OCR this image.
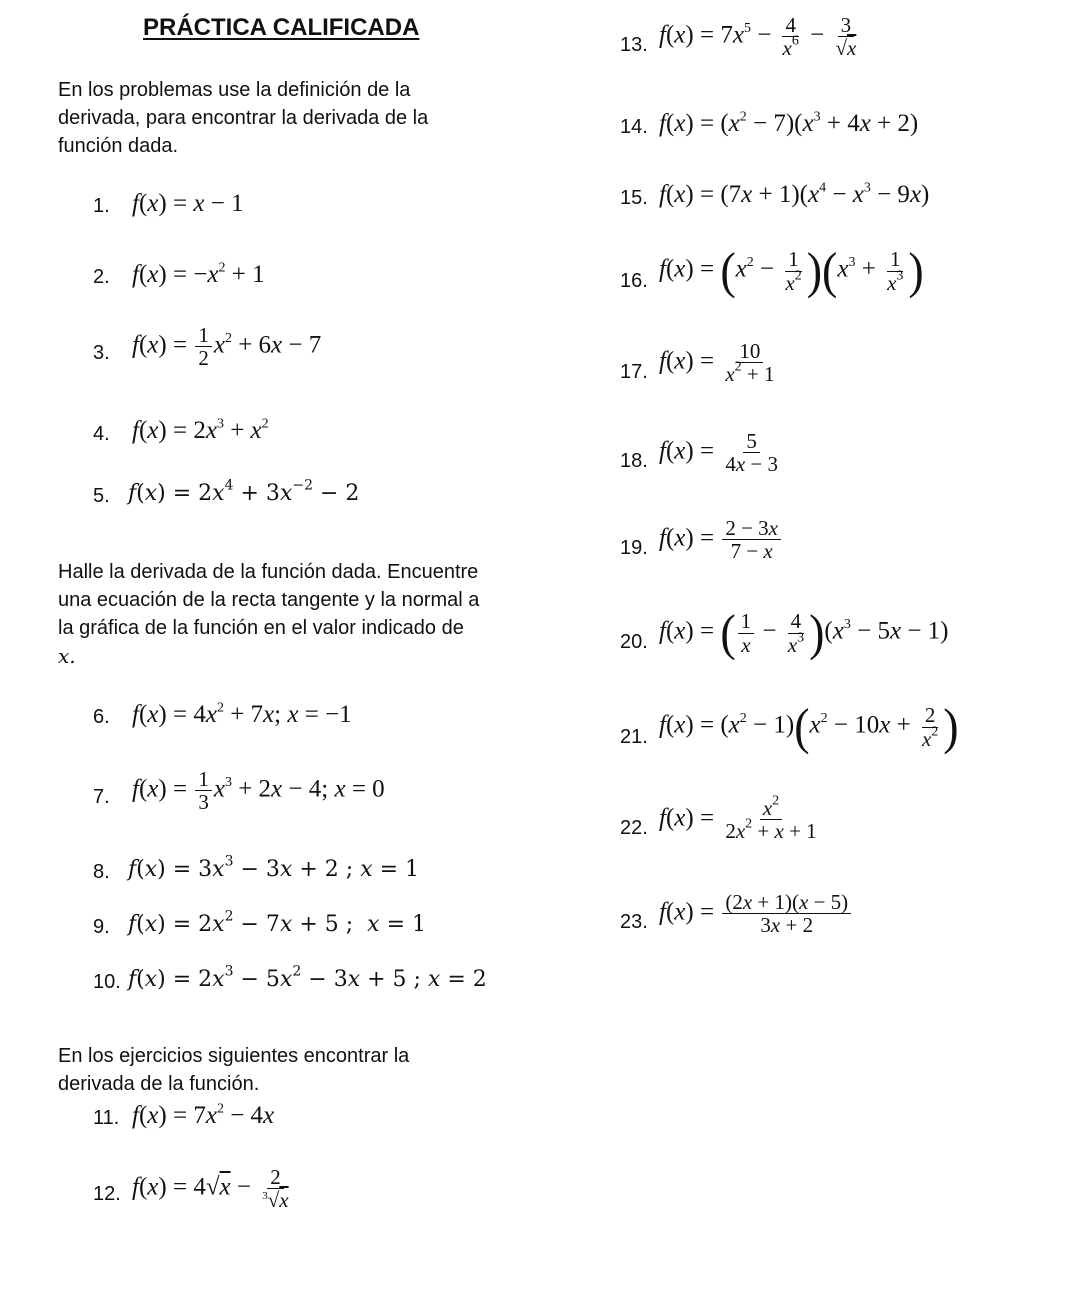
PRÁCTICA CALIFICADA
En los problemas use la definición de la
derivada, para encontrar la derivada de la
función dada.
Halle la derivada de la función dada. Encuentre
una ecuación de la recta tangente y la normal a
la gráfica de la función en el valor indicado de
x.
En los ejercicios siguientes encontrar la
derivada de la función.
1. f(x) = x − 1
2. $f(x) = -x^2 + 1$
3. $f(x) = \frac{1}{2} x^2 + 6x - 7$
4. $f(x) = 2x^3 + x^2$
5. $f(x) = 2x^4 + 3x^{-2} - 2$
6. $f(x) = 4x^2 + 7x$; x = −1
7. $f(x) = \frac{1}{3} x^3 + 2x - 4$; x = 0
8. $f(x) = 3x^3 - 3x + 2$ ; x = 1
9. $f(x) = 2x^2 - 7x + 5$ ;  x = 1
10. $f(x) = 2x^3 - 5x^2 - 3x + 5$ ; x = 2
11. $f(x) = 7x^2 - 4x$
12. $f(x) = 4√x - \frac{2}{^3√x}$
13. $f(x) = 7x^5 - \frac{4}{x^6} - \frac{3}{√x}$
14. $f(x) = (x^2 - 7)(x^3 + 4x + 2)$
15. $f(x) = (7x + 1)(x^4 - x^3 - 9x)$
16. $f(x) = (x^2 - \frac{1}{x^2} )(x^3 + \frac{1}{x^3}$ )
17. $f(x) = \frac{10}{x^2 + 1}$
18. $f(x) = \frac{5}{4x - 3}$
19. $f(x) = \frac{2 - 3x}{7 - x}$
20. f(x) = ( $\frac{1}{x} - \frac{4}{x^3} )(x^3 - 5x - 1)$
21. $f(x) = (x^2 - 1)(x^2 - 10x + \frac{2}{x^2}$ )
22. $f(x) = \frac{x^2}{2x^2 + x + 1}$
23. $f(x) = \frac{(2x + 1)(x - 5)}{3x + 2}$
